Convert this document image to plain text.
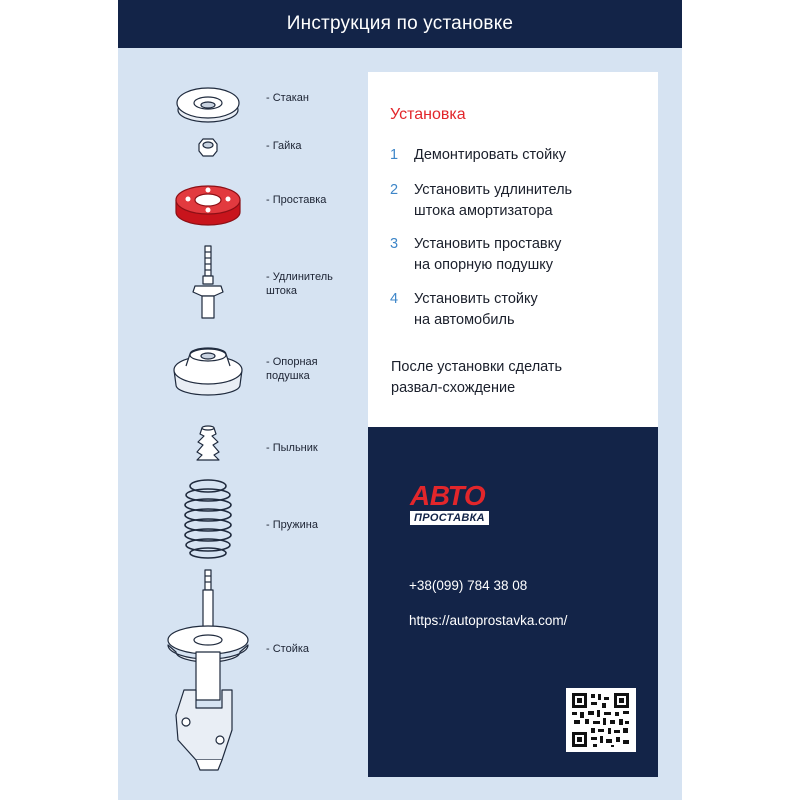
Инструкция по установке
- Стакан
- Гайка
- Проставка
- Удлинитель
штока
- Опорная
подушка
- Пыльник
- Пружина
- Стойка
Установка
1 Демонтировать стойку
2 Установить удлинитель
штока амортизатора
3 Установить проставку
на опорную подушку
4 Установить стойку
на автомобиль
После установки сделать
развал-схождение
АВТО
ПРОСТАВКА
+38(099) 784 38 08
https://autoprostavka.com/
